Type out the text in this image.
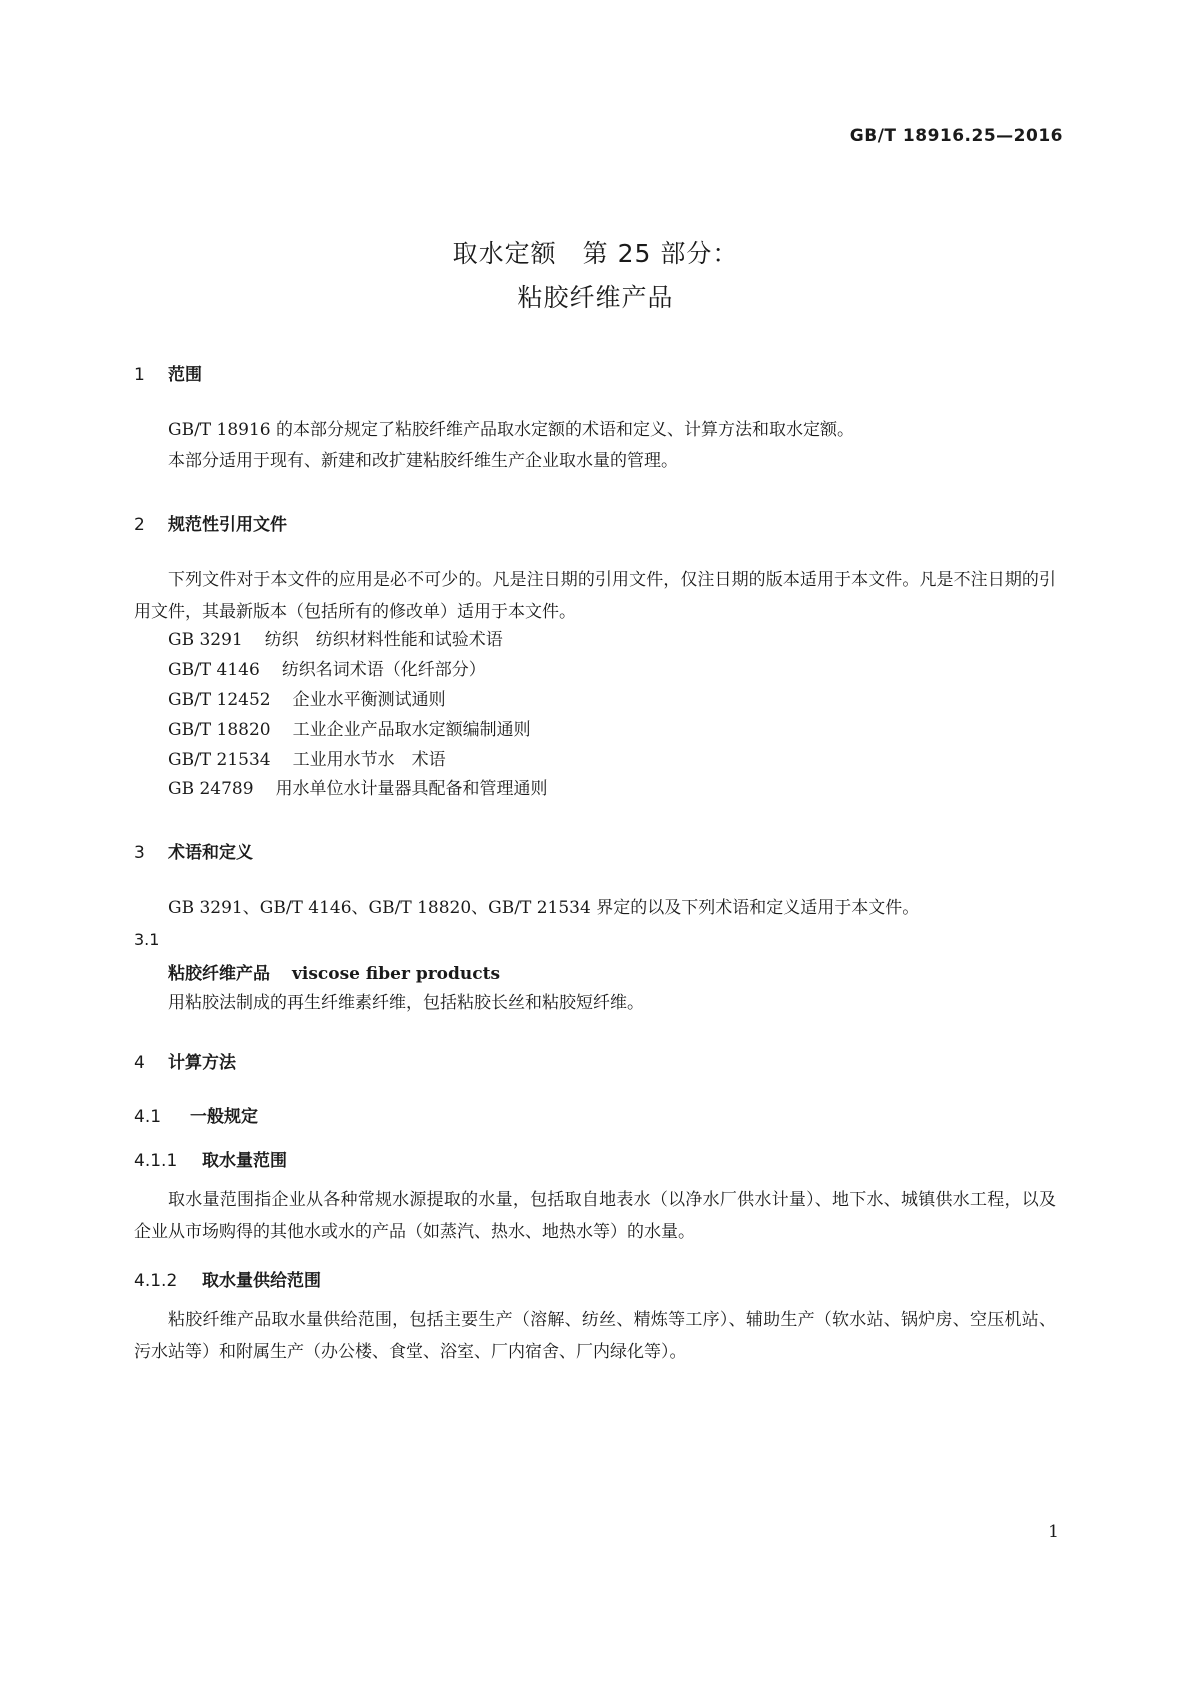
GB/T 18916.25—2016
取水定额　第 25 部分：
粘胶纤维产品
1 范围

GB/T 18916 的本部分规定了粘胶纤维产品取水定额的术语和定义、计算方法和取水定额。

本部分适用于现有、新建和改扩建粘胶纤维生产企业取水量的管理。

2 规范性引用文件

下列文件对于本文件的应用是必不可少的。凡是注日期的引用文件，仅注日期的版本适用于本文件。凡是不注日期的引用文件，其最新版本（包括所有的修改单）适用于本文件。

GB 3291 纺织　纺织材料性能和试验术语
GB/T 4146 纺织名词术语（化纤部分）
GB/T 12452 企业水平衡测试通则
GB/T 18820 工业企业产品取水定额编制通则
GB/T 21534 工业用水节水　术语
GB 24789 用水单位水计量器具配备和管理通则
3 术语和定义

GB 3291、GB/T 4146、GB/T 18820、GB/T 21534 界定的以及下列术语和定义适用于本文件。

3.1
粘胶纤维产品 viscose fiber products
用粘胶法制成的再生纤维素纤维，包括粘胶长丝和粘胶短纤维。
4 计算方法
4.1 一般规定
4.1.1 取水量范围

取水量范围指企业从各种常规水源提取的水量，包括取自地表水（以净水厂供水计量）、地下水、城镇供水工程，以及企业从市场购得的其他水或水的产品（如蒸汽、热水、地热水等）的水量。

4.1.2 取水量供给范围

粘胶纤维产品取水量供给范围，包括主要生产（溶解、纺丝、精炼等工序）、辅助生产（软水站、锅炉房、空压机站、污水站等）和附属生产（办公楼、食堂、浴室、厂内宿舍、厂内绿化等）。

1
